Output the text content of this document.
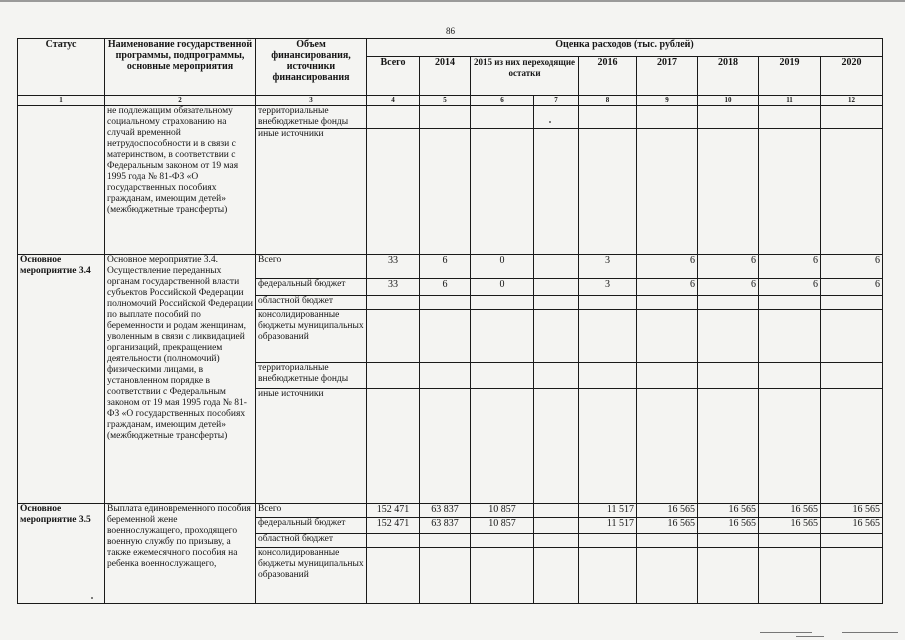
86
Статус	Наименование государственной программы, подпрограммы, основные мероприятия	Объем финансирования, источники финансирования	Оценка расходов (тыс. рублей)								
			Всего	2014	2015 из них переходящие остатки		2016	2017	2018	2019	2020
1	2	3	4	5	6	7	8	9	10	11	12
	не подлежащим обязательному социальному страхованию на случай временной нетрудоспособности и в связи с материнством, в соответствии с Федеральным законом от 19 мая 1995 года № 81-ФЗ «О государственных пособиях гражданам, имеющим детей» (межбюджетные трансферты)	территориальные внебюджетные фонды									
		иные источники									
Основное мероприятие 3.4	Основное мероприятие 3.4. Осуществление переданных органам государственной власти субъектов Российской Федерации полномочий Российской Федерации по выплате пособий по беременности и родам женщинам, уволенным в связи с ликвидацией организаций, прекращением деятельности (полномочий) физическими лицами, в установленном порядке в соответствии с Федеральным законом от 19 мая 1995 года № 81-ФЗ «О государственных пособиях гражданам, имеющим детей» (межбюджетные трансферты)	Всего	33	6	0		3	6	6	6	6
		федеральный бюджет	33	6	0		3	6	6	6	6
		областной бюджет									
		консолидированные бюджеты муниципальных образований									
		территориальные внебюджетные фонды									
		иные источники									
Основное мероприятие 3.5	Выплата единовременного пособия беременной жене военнослужащего, проходящего военную службу по призыву, а также ежемесячного пособия на ребенка военнослужащего,	Всего	152 471	63 837	10 857		11 517	16 565	16 565	16 565	16 565
		федеральный бюджет	152 471	63 837	10 857		11 517	16 565	16 565	16 565	16 565
		областной бюджет									
		консолидированные бюджеты муниципальных образований									
